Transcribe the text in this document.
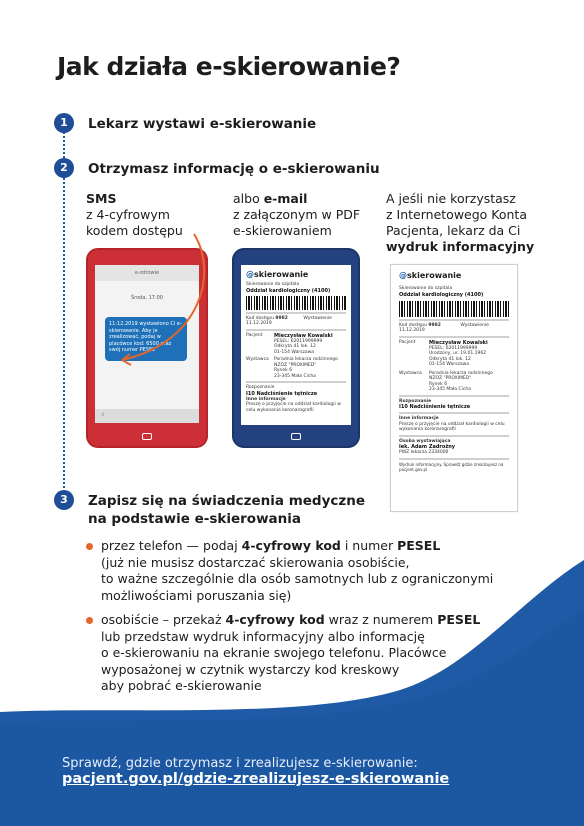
Jak działa e-skierowanie?
1	Lekarz wystawi e-skierowanie
2	Otrzymasz informację o e-skierowaniu
SMS
z 4-cyfrowym
kodem dostępu
albo e-mail
z załączonym w PDF
e-skierowaniem
A jeśli nie korzystasz
z Internetowego Konta
Pacjenta, lekarz da Ci
wydruk informacyjny
e-zdrowie
Środa, 17:00
11:12.2019 wystawiono Ci e-skierowanie. Aby je zrealizować, podaj w placówce kod: 6500 oraz swój numer PESEL
‹
@skierowanie
Skierowanie do szpitala
Oddział kardiologiczny (4100)
Kod dostępu 9982	Wystawienie 11.12.2019
Pacjent	Mieczysław Kowalski
PESEL: 62011999999
Odkryta 41 lok. 12
01-154 Warszawa
Wystawca	Poradnia lekarza rodzinnego
NZOZ "PROXIMED"
Rynek 6
23-345 Mała Cicha
Rozpoznanie
I10 Nadciśnienie tętnicze
Inne informacje
Proszę o przyjęcie na oddział kardiologii w celu wykonania koronarografii
@skierowanie
Skierowanie do szpitala
Oddział kardiologiczny (4100)
Kod dostępu 9982	Wystawienie 11.12.2019
Pacjent	Mieczysław Kowalski
PESEL: 62011999999
Urodzony, ur. 19.01.1962
Odkryta 41 lok. 12
01-154 Warszawa
Wystawca	Poradnia lekarza rodzinnego
NZOZ "PROXIMED"
Rynek 6
23-345 Mała Cicha
Rozpoznanie
I10 Nadciśnienie tętnicze
Inne informacje
Proszę o przyjęcie na oddział kardiologii w celu wykonania koronarografii
Osoba wystawiająca
lek. Adam Zadrożny
PWZ lekarza 2334000
Wydruk informacyjny. Sprawdź gdzie zrealizujesz na pacjent.gov.pl
3	Zapisz się na świadczenia medyczne
na podstawie e-skierowania
przez telefon — podaj 4-cyfrowy kod i numer PESEL
(już nie musisz dostarczać skierowania osobiście,
to ważne szczególnie dla osób samotnych lub z ograniczonymi
możliwościami poruszania się)
osobiście – przekaż 4-cyfrowy kod wraz z numerem PESEL
lub przedstaw wydruk informacyjny albo informację
o e-skierowaniu na ekranie swojego telefonu. Placówce
wyposażonej w czytnik wystarczy kod kreskowy
aby pobrać e-skierowanie
Sprawdź, gdzie otrzymasz i zrealizujesz e-skierowanie:
pacjent.gov.pl/gdzie-zrealizujesz-e-skierowanie
